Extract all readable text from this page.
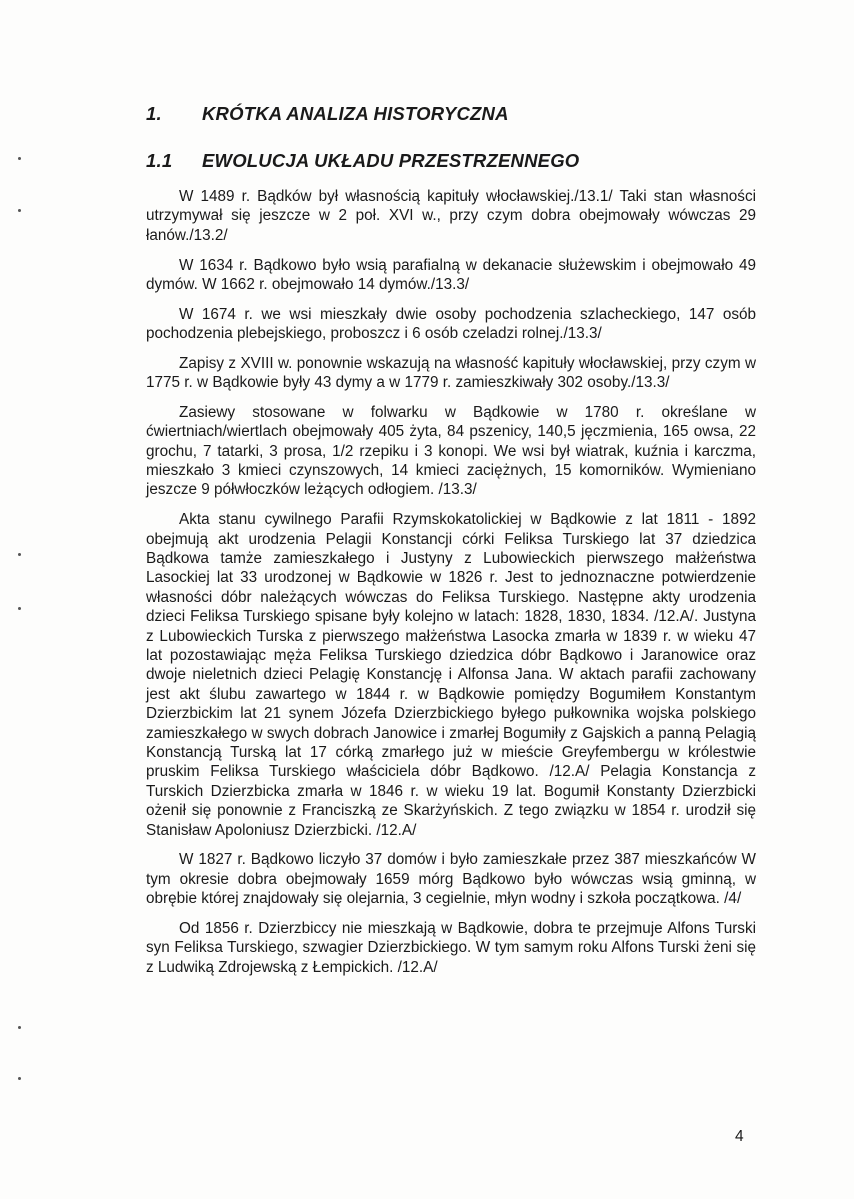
1. KRÓTKA ANALIZA HISTORYCZNA
1.1 EWOLUCJA UKŁADU PRZESTRZENNEGO

W 1489 r. Bądków był własnością kapituły włocławskiej./13.1/ Taki stan własności utrzymywał się jeszcze w 2 poł. XVI w., przy czym dobra obejmowały wówczas 29 łanów./13.2/

W 1634 r. Bądkowo było wsią parafialną w dekanacie służewskim i obejmowało 49 dymów. W 1662 r. obejmowało 14 dymów./13.3/

W 1674 r. we wsi mieszkały dwie osoby pochodzenia szlacheckiego, 147 osób pochodzenia plebejskiego, proboszcz i 6 osób czeladzi rolnej./13.3/

Zapisy z XVIII w. ponownie wskazują na własność kapituły włocławskiej, przy czym w 1775 r. w Bądkowie były 43 dymy a w 1779 r. zamieszkiwały 302 osoby./13.3/

Zasiewy stosowane w folwarku w Bądkowie w 1780 r. określane w ćwiertniach/wiertlach obejmowały 405 żyta, 84 pszenicy, 140,5 jęczmienia, 165 owsa, 22 grochu, 7 tatarki, 3 prosa, 1/2 rzepiku i 3 konopi. We wsi był wiatrak, kuźnia i karczma, mieszkało 3 kmieci czynszowych, 14 kmieci zaciężnych, 15 komorników. Wymieniano jeszcze 9 półwłoczków leżących odłogiem. /13.3/

Akta stanu cywilnego Parafii Rzymskokatolickiej w Bądkowie z lat 1811 - 1892 obejmują akt urodzenia Pelagii Konstancji córki Feliksa Turskiego lat 37 dziedzica Bądkowa tamże zamieszkałego i Justyny z Lubowieckich pierwszego małżeństwa Lasockiej lat 33 urodzonej w Bądkowie w 1826 r. Jest to jednoznaczne potwierdzenie własności dóbr należących wówczas do Feliksa Turskiego. Następne akty urodzenia dzieci Feliksa Turskiego spisane były kolejno w latach: 1828, 1830, 1834. /12.A/. Justyna z Lubowieckich Turska z pierwszego małżeństwa Lasocka zmarła w 1839 r. w wieku 47 lat pozostawiając męża Feliksa Turskiego dziedzica dóbr Bądkowo i Jaranowice oraz dwoje nieletnich dzieci Pelagię Konstancję i Alfonsa Jana. W aktach parafii zachowany jest akt ślubu zawartego w 1844 r. w Bądkowie pomiędzy Bogumiłem Konstantym Dzierzbickim lat 21 synem Józefa Dzierzbickiego byłego pułkownika wojska polskiego zamieszkałego w swych dobrach Janowice i zmarłej Bogumiły z Gajskich a panną Pelagią Konstancją Turską lat 17 córką zmarłego już w mieście Greyfembergu w królestwie pruskim Feliksa Turskiego właściciela dóbr Bądkowo. /12.A/ Pelagia Konstancja z Turskich Dzierzbicka zmarła w 1846 r. w wieku 19 lat. Bogumił Konstanty Dzierzbicki ożenił się ponownie z Franciszką ze Skarżyńskich. Z tego związku w 1854 r. urodził się Stanisław Apoloniusz Dzierzbicki. /12.A/

W 1827 r. Bądkowo liczyło 37 domów i było zamieszkałe przez 387 mieszkańców W tym okresie dobra obejmowały 1659 mórg Bądkowo było wówczas wsią gminną, w obrębie której znajdowały się olejarnia, 3 cegielnie, młyn wodny i szkoła początkowa. /4/

Od 1856 r. Dzierzbiccy nie mieszkają w Bądkowie, dobra te przejmuje Alfons Turski syn Feliksa Turskiego, szwagier Dzierzbickiego. W tym samym roku Alfons Turski żeni się z Ludwiką Zdrojewską z Łempickich. /12.A/

4
